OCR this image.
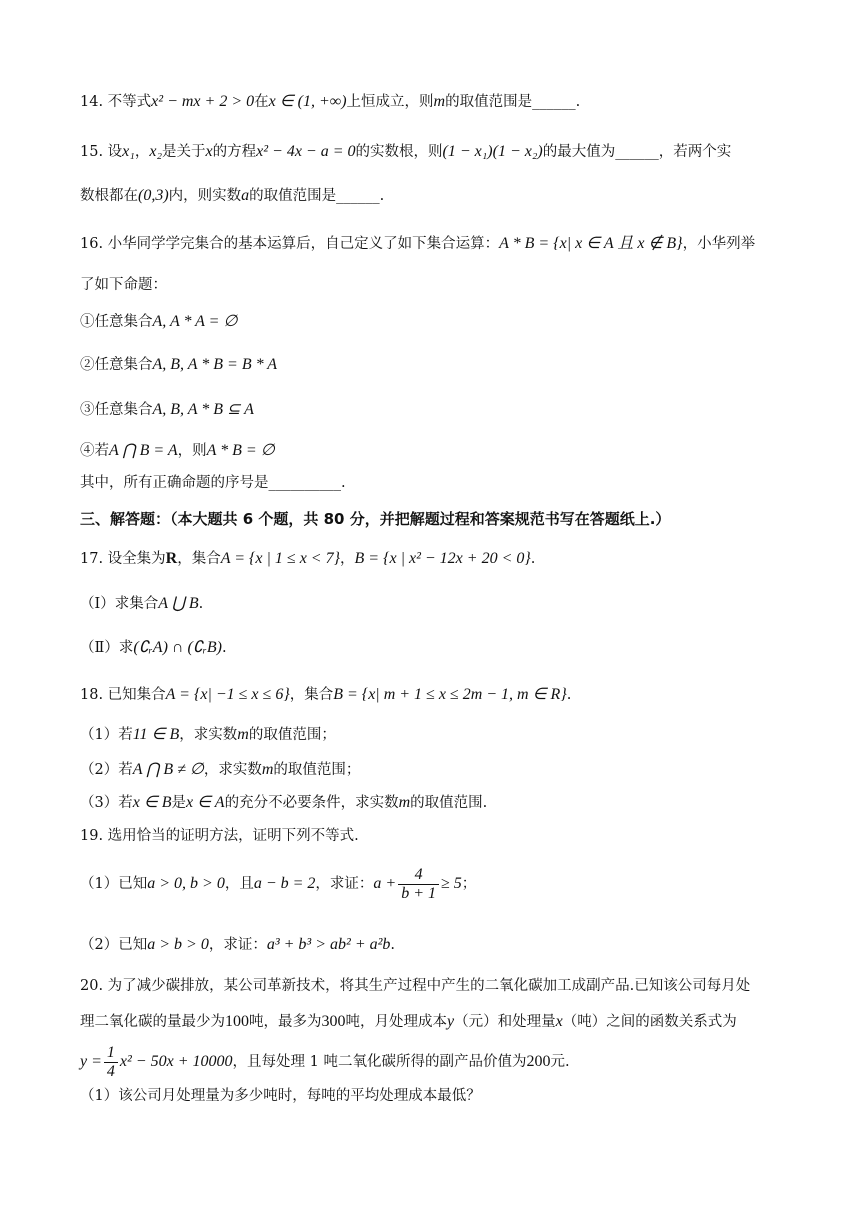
14. 不等式x² − mx + 2 > 0在x ∈ (1, +∞)上恒成立，则m的取值范围是______.
15. 设x₁，x₂是关于x的方程x² − 4x − a = 0的实数根，则(1 − x₁)(1 − x₂)的最大值为______，若两个实
数根都在(0,3)内，则实数a的取值范围是______.
16. 小华同学学完集合的基本运算后，自己定义了如下集合运算：A * B = {x| x ∈ A 且 x ∉ B}，小华列举
了如下命题：
①任意集合A, A * A = ∅
②任意集合A, B, A * B = B * A
③任意集合A, B, A * B ⊆ A
④若A ⋂ B = A，则A * B = ∅
其中，所有正确命题的序号是__________.
三、解答题：（本大题共 6 个题，共 80 分，并把解题过程和答案规范书写在答题纸上.）
17. 设全集为R，集合A = {x | 1 ≤ x < 7}，B = {x | x² − 12x + 20 < 0}.
（Ⅰ）求集合A ⋃ B.
（Ⅱ）求(∁ᵣA) ∩ (∁ᵣB).
18. 已知集合A = {x| −1 ≤ x ≤ 6}，集合B = {x| m + 1 ≤ x ≤ 2m − 1, m ∈ R}.
（1）若11 ∈ B，求实数m的取值范围；
（2）若A ⋂ B ≠ ∅，求实数m的取值范围；
（3）若x ∈ B是x ∈ A的充分不必要条件，求实数m的取值范围.
19. 选用恰当的证明方法，证明下列不等式.
（1）已知a > 0, b > 0，且a − b = 2，求证：$a + \frac{4}{b + 1} \ge 5$；
（2）已知a > b > 0，求证：a³ + b³ > ab² + a²b.
20. 为了减少碳排放，某公司革新技术，将其生产过程中产生的二氧化碳加工成副产品.已知该公司每月处
理二氧化碳的量最少为100吨，最多为300吨，月处理成本y（元）和处理量x（吨）之间的函数关系式为
$y = \frac{1}{4} x^2 - 50x + 10000$，且每处理 1 吨二氧化碳所得的副产品价值为200元.
（1）该公司月处理量为多少吨时，每吨的平均处理成本最低？
